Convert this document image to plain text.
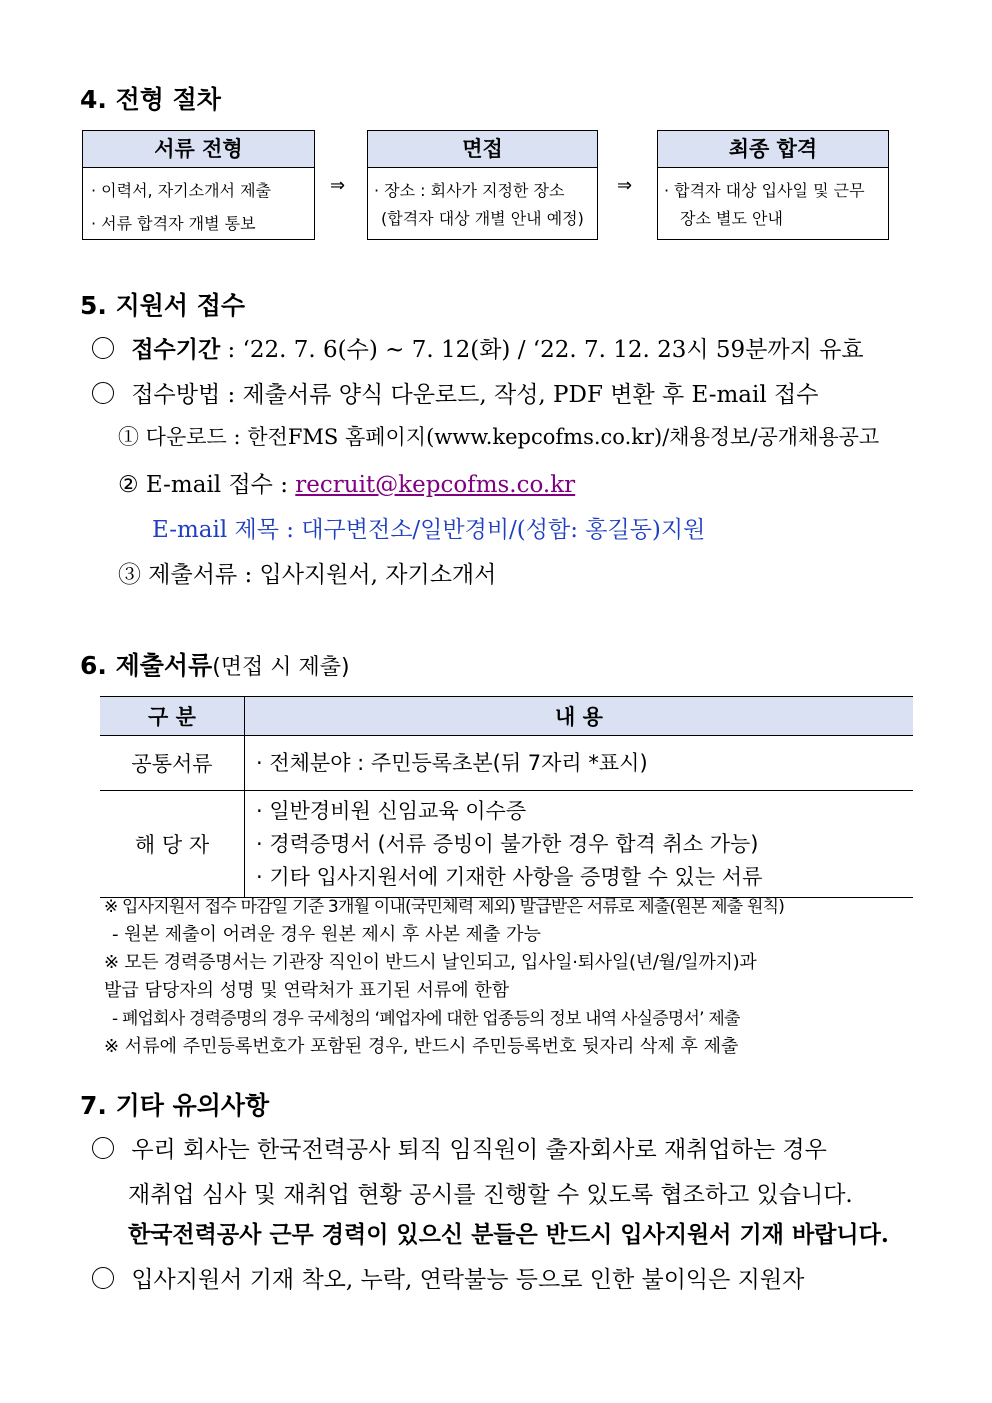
4. 전형 절차
서류 전형
· 이력서, 자기소개서 제출
· 서류 합격자 개별 통보
⇒
면접
· 장소 : 회사가 지정한 장소
(합격자 대상 개별 안내 예정)
⇒
최종 합격
· 합격자 대상 입사일 및 근무
장소 별도 안내
5. 지원서 접수
접수기간 : ‘22. 7. 6(수) ~ 7. 12(화) / ‘22. 7. 12. 23시 59분까지 유효
접수방법 : 제출서류 양식 다운로드, 작성, PDF 변환 후 E-mail 접수
① 다운로드 : 한전FMS 홈페이지(www.kepcofms.co.kr)/채용정보/공개채용공고
② E-mail 접수 : recruit@kepcofms.co.kr
E-mail 제목 : 대구변전소/일반경비/(성함: 홍길동)지원
③ 제출서류 : 입사지원서, 자기소개서
6. 제출서류(면접 시 제출)
구 분	내 용
공통서류	· 전체분야 : 주민등록초본(뒤 7자리 *표시)

해 당 자	· 일반경비원 신임교육 이수증
· 경력증명서 (서류 증빙이 불가한 경우 합격 취소 가능)
· 기타 입사지원서에 기재한 사항을 증명할 수 있는 서류
※ 입사지원서 접수 마감일 기준 3개월 이내(국민체력 제외) 발급받은 서류로 제출(원본 제출 원칙)
- 원본 제출이 어려운 경우 원본 제시 후 사본 제출 가능
※ 모든 경력증명서는 기관장 직인이 반드시 날인되고, 입사일·퇴사일(년/월/일까지)과
발급 담당자의 성명 및 연락처가 표기된 서류에 한함
- 폐업회사 경력증명의 경우 국세청의 ‘폐업자에 대한 업종등의 정보 내역 사실증명서’ 제출
※ 서류에 주민등록번호가 포함된 경우, 반드시 주민등록번호 뒷자리 삭제 후 제출
7. 기타 유의사항
우리 회사는 한국전력공사 퇴직 임직원이 출자회사로 재취업하는 경우
재취업 심사 및 재취업 현황 공시를 진행할 수 있도록 협조하고 있습니다.
한국전력공사 근무 경력이 있으신 분들은 반드시 입사지원서 기재 바랍니다.
입사지원서 기재 착오, 누락, 연락불능 등으로 인한 불이익은 지원자
